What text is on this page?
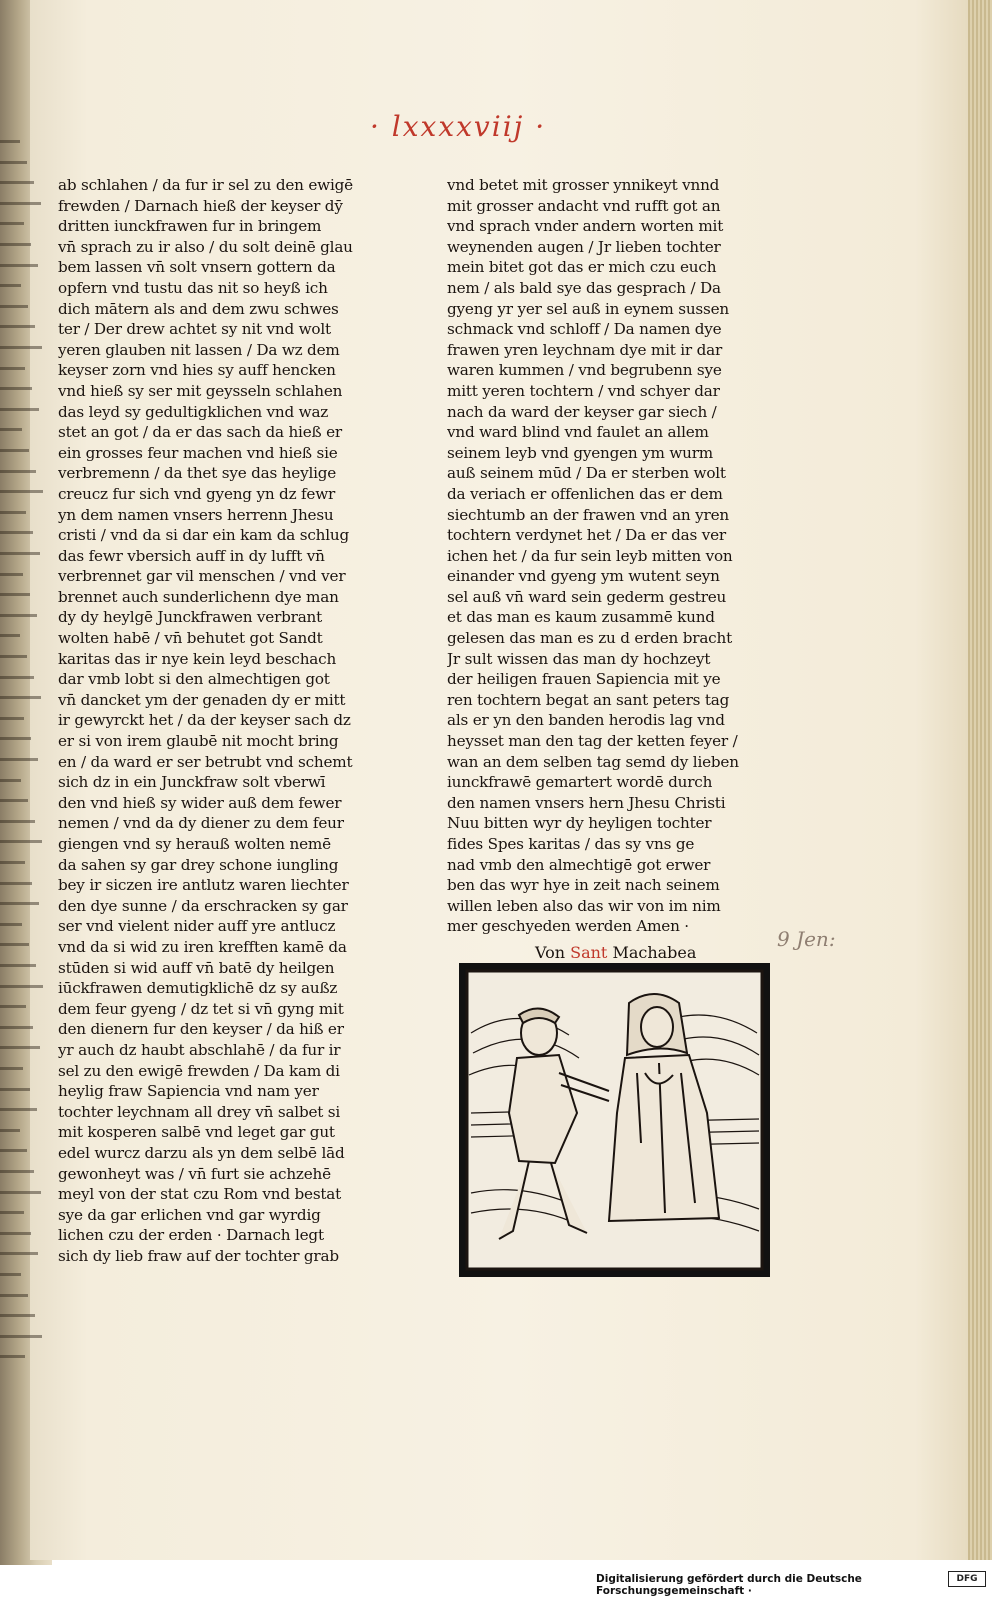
· lxxxxviij ·
ab schlahen / da fur ir sel zu den ewigē
frewden / Darnach hieß der keyser dȳ
dritten iunckfrawen fur in bringem
vn̄ sprach zu ir also / du solt deinē glau
bem lassen vn̄ solt vnsern gottern da
opfern vnd tustu das nit so heyß ich
dich mātern als and dem zwu schwes
ter / Der drew achtet sy nit vnd wolt
yeren glauben nit lassen / Da wz dem
keyser zorn vnd hies sy auff hencken
vnd hieß sy ser mit geysseln schlahen
das leyd sy gedultigklichen vnd waz
stet an got / da er das sach da hieß er
ein grosses feur machen vnd hieß sie
verbremenn / da thet sye das heylige
creucz fur sich vnd gyeng yn dz fewr
yn dem namen vnsers herrenn Jhesu
cristi / vnd da si dar ein kam da schlug
das fewr vbersich auff in dy lufft vn̄
verbrennet gar vil menschen / vnd ver
brennet auch sunderlichenn dye man
dy dy heylgē Junckfrawen verbrant
wolten habē / vn̄ behutet got Sandt
karitas das ir nye kein leyd beschach
dar vmb lobt si den almechtigen got
vn̄ dancket ym der genaden dy er mitt
ir gewyrckt het / da der keyser sach dz
er si von irem glaubē nit mocht bring
en / da ward er ser betrubt vnd schemt
sich dz in ein Junckfraw solt vberwī
den vnd hieß sy wider auß dem fewer
nemen / vnd da dy diener zu dem feur
giengen vnd sy herauß wolten nemē
da sahen sy gar drey schone iungling
bey ir siczen ire antlutz waren liechter
den dye sunne / da erschracken sy gar
ser vnd vielent nider auff yre antlucz
vnd da si wid zu iren krefften kamē da
stūden si wid auff vn̄ batē dy heilgen
iūckfrawen demutigklichē dz sy außz
dem feur gyeng / dz tet si vn̄ gyng mit
den dienern fur den keyser / da hiß er
yr auch dz haubt abschlahē / da fur ir
sel zu den ewigē frewden / Da kam di
heylig fraw Sapiencia vnd nam yer
tochter leychnam all drey vn̄ salbet si
mit kosperen salbē vnd leget gar gut
edel wurcz darzu als yn dem selbē lād
gewonheyt was / vn̄ furt sie achzehē
meyl von der stat czu Rom vnd bestat
sye da gar erlichen vnd gar wyrdig
lichen czu der erden · Darnach legt
sich dy lieb fraw auf der tochter grab
vnd betet mit grosser ynnikeyt vnnd
mit grosser andacht vnd rufft got an
vnd sprach vnder andern worten mit
weynenden augen / Jr lieben tochter
mein bitet got das er mich czu euch
nem / als bald sye das gesprach / Da
gyeng yr yer sel auß in eynem sussen
schmack vnd schloff / Da namen dye
frawen yren leychnam dye mit ir dar
waren kummen / vnd begrubenn sye
mitt yeren tochtern / vnd schyer dar
nach da ward der keyser gar siech /
vnd ward blind vnd faulet an allem
seinem leyb vnd gyengen ym wurm
auß seinem mūd / Da er sterben wolt
da veriach er offenlichen das er dem
siechtumb an der frawen vnd an yren
tochtern verdynet het / Da er das ver
ichen het / da fur sein leyb mitten von
einander vnd gyeng ym wutent seyn
sel auß vn̄ ward sein gederm gestreu
et das man es kaum zusammē kund
gelesen das man es zu d erden bracht
Jr sult wissen das man dy hochzeyt
der heiligen frauen Sapiencia mit ye
ren tochtern begat an sant peters tag
als er yn den banden herodis lag vnd
heysset man den tag der ketten feyer /
wan an dem selben tag semd dy lieben
iunckfrawē gemartert wordē durch
den namen vnsers hern Jhesu Christi
Nuu bitten wyr dy heyligen tochter
fides Spes karitas / das sy vns ge
nad vmb den almechtigē got erwer
ben das wyr hye in zeit nach seinem
willen leben also das wir von im nim
mer geschyeden werden Amen ·
Von Sant Machabea
9 Jen:
Digitalisierung gefördert durch die Deutsche Forschungsgemeinschaft ·
DFG
